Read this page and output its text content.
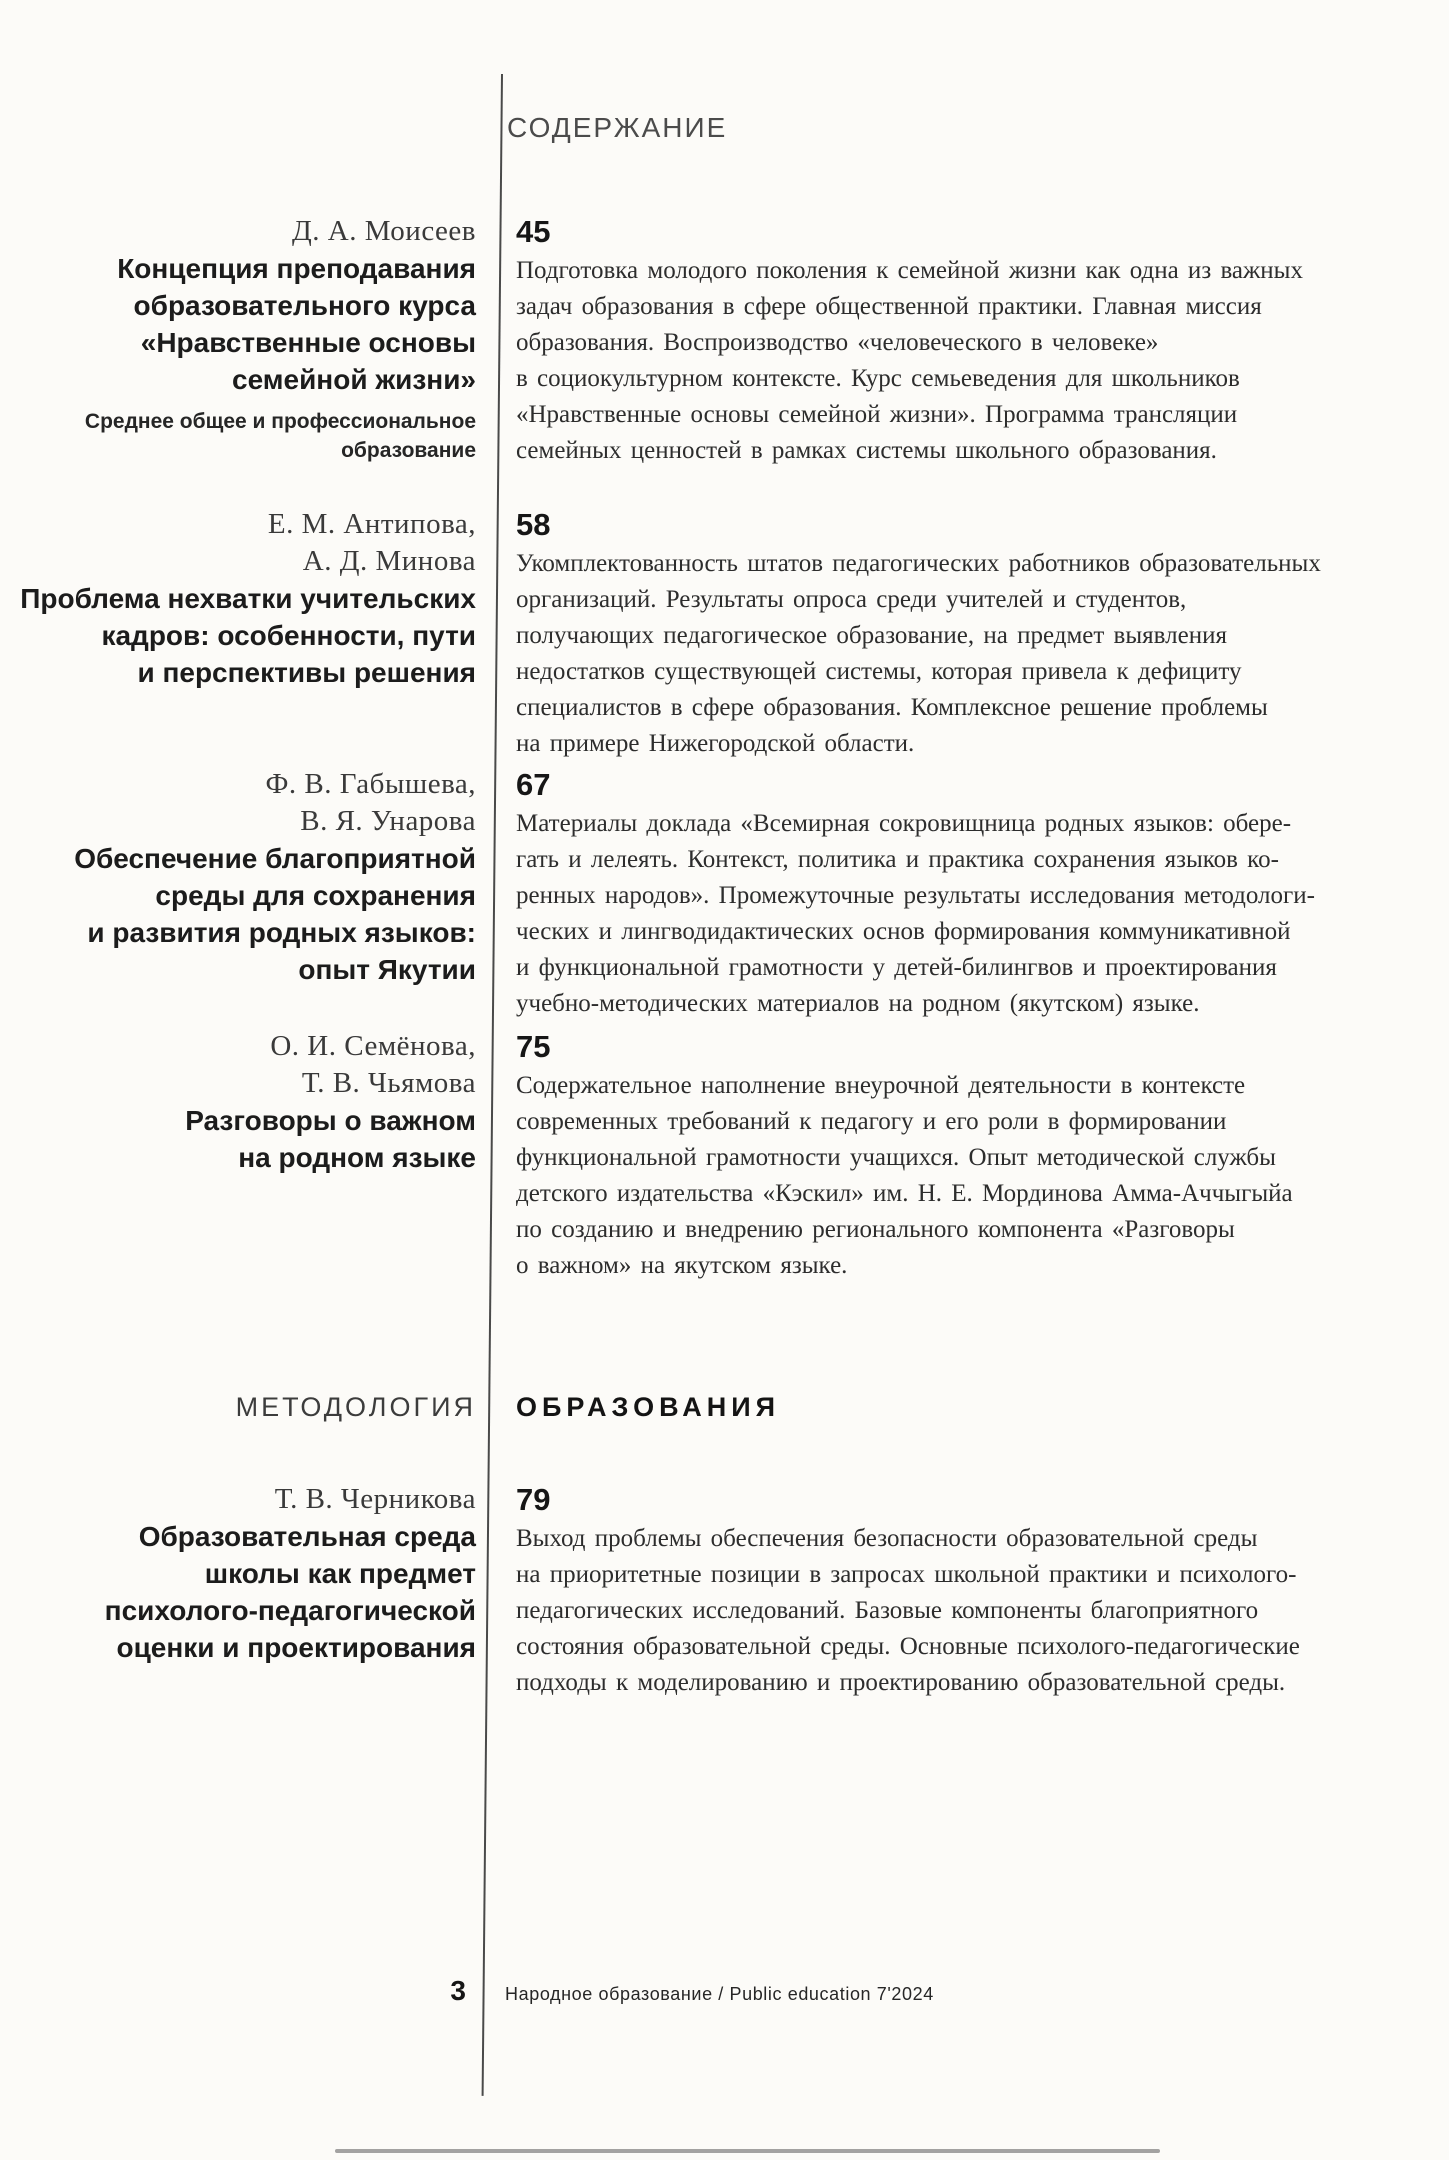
СОДЕРЖАНИЕ
Д. А. Моисеев
Концепция преподавания
образовательного курса
«Нравственные основы
семейной жизни»
Среднее общее и профессиональное
образование
45
Подготовка молодого поколения к семейной жизни как одна из важных
задач образования в сфере общественной практики. Главная миссия
образования. Воспроизводство «человеческого в человеке»
в социокультурном контексте. Курс семьеведения для школьников
«Нравственные основы семейной жизни». Программа трансляции
семейных ценностей в рамках системы школьного образования.
Е. М. Антипова,
А. Д. Минова
Проблема нехватки учительских
кадров: особенности, пути
и перспективы решения
58
Укомплектованность штатов педагогических работников образовательных
организаций. Результаты опроса среди учителей и студентов,
получающих педагогическое образование, на предмет выявления
недостатков существующей системы, которая привела к дефициту
специалистов в сфере образования. Комплексное решение проблемы
на примере Нижегородской области.
Ф. В. Габышева,
В. Я. Унарова
Обеспечение благоприятной
среды для сохранения
и развития родных языков:
опыт Якутии
67
Материалы доклада «Всемирная сокровищница родных языков: обере-
гать и лелеять. Контекст, политика и практика сохранения языков ко-
ренных народов». Промежуточные результаты исследования методологи-
ческих и лингводидактических основ формирования коммуникативной
и функциональной грамотности у детей-билингвов и проектирования
учебно-методических материалов на родном (якутском) языке.
О. И. Семёнова,
Т. В. Чьямова
Разговоры о важном
на родном языке
75
Содержательное наполнение внеурочной деятельности в контексте
современных требований к педагогу и его роли в формировании
функциональной грамотности учащихся. Опыт методической службы
детского издательства «Кэскил» им. Н. Е. Мординова Амма-Аччыгыйа
по созданию и внедрению регионального компонента «Разговоры
о важном» на якутском языке.
МЕТОДОЛОГИЯ	ОБРАЗОВАНИЯ
Т. В. Черникова
Образовательная среда
школы как предмет
психолого-педагогической
оценки и проектирования
79
Выход проблемы обеспечения безопасности образовательной среды
на приоритетные позиции в запросах школьной практики и психолого-
педагогических исследований. Базовые компоненты благоприятного
состояния образовательной среды. Основные психолого-педагогические
подходы к моделированию и проектированию образовательной среды.
3	Народное образование / Public education 7'2024
